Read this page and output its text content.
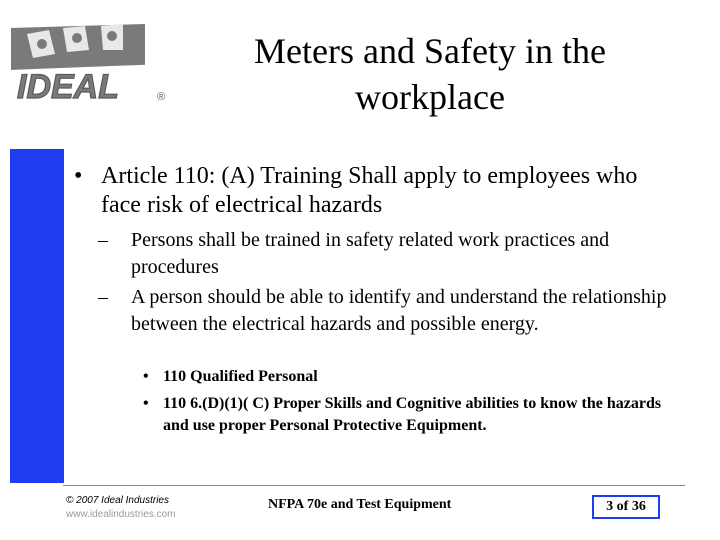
IDEAL	®
Meters and Safety in the
workplace
• Article 110: (A) Training Shall apply to employees who face risk of electrical hazards
–	Persons shall be trained in safety related work practices and procedures
–	A person should be able to identify and understand the relationship between the electrical hazards and possible energy.
• 110 Qualified Personal
• 110 6.(D)(1)( C) Proper Skills and Cognitive abilities to know the hazards and use proper Personal Protective Equipment.
© 2007 Ideal Industries
www.idealindustries.com
NFPA 70e and Test Equipment	3 of 36
